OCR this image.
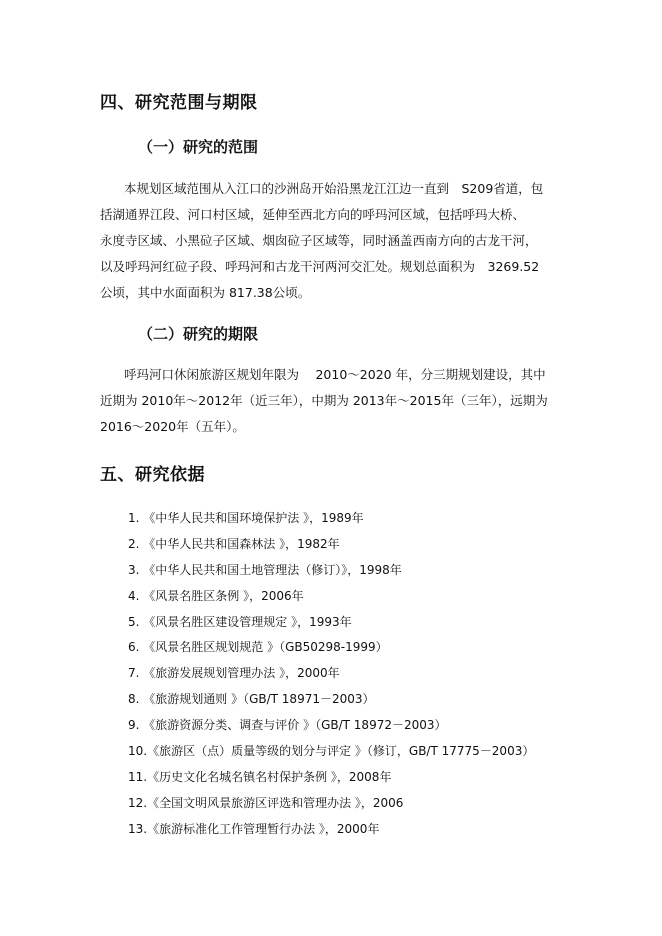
四、研究范围与期限
（一）研究的范围
本规划区域范围从入江口的沙洲岛开始沿黑龙江江边一直到　S209省道，包
括湖通界江段、河口村区域，延伸至西北方向的呼玛河区域，包括呼玛大桥、
永度寺区域、小黑砬子区域、烟囱砬子区域等，同时涵盖西南方向的古龙干河，
以及呼玛河红砬子段、呼玛河和古龙干河两河交汇处。规划总面积为　3269.52
公顷，其中水面面积为 817.38公顷。
（二）研究的期限
呼玛河口休闲旅游区规划年限为　 2010～2020 年，分三期规划建设，其中
近期为 2010年～2012年（近三年），中期为 2013年～2015年（三年），远期为
2016～2020年（五年）。
五、研究依据
1. 《中华人民共和国环境保护法 》，1989年
2. 《中华人民共和国森林法 》，1982年
3. 《中华人民共和国土地管理法（修订）》，1998年
4. 《风景名胜区条例 》，2006年
5. 《风景名胜区建设管理规定 》，1993年
6. 《风景名胜区规划规范 》（GB50298-1999）
7. 《旅游发展规划管理办法 》，2000年
8. 《旅游规划通则 》（GB/T 18971－2003）
9. 《旅游资源分类、调查与评价 》（GB/T 18972－2003）
10.《旅游区（点）质量等级的划分与评定 》（修订，GB/T 17775－2003）
11.《历史文化名城名镇名村保护条例 》，2008年
12.《全国文明风景旅游区评选和管理办法 》，2006
13.《旅游标准化工作管理暂行办法 》，2000年
